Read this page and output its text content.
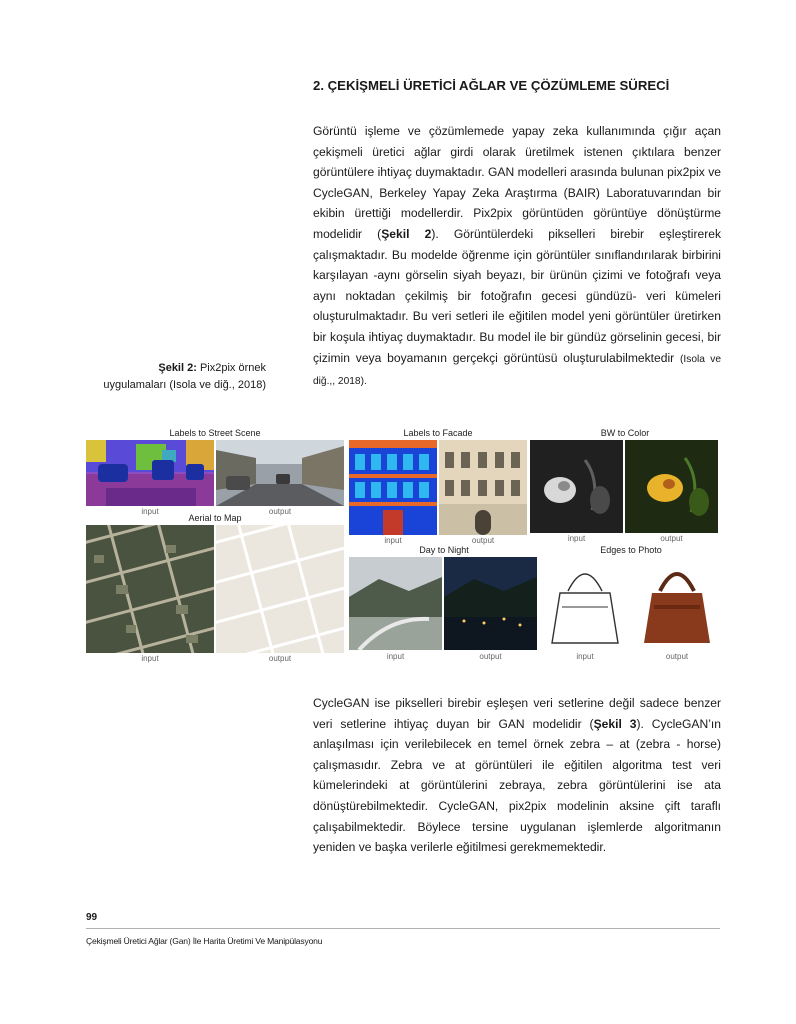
2. ÇEKİŞMELİ ÜRETİCİ AĞLAR VE ÇÖZÜMLEME SÜRECİ

Görüntü işleme ve çözümlemede yapay zeka kullanımında çığır açan çekişmeli üretici ağlar girdi olarak üretilmek istenen çıktılara benzer görüntülere ihtiyaç duymaktadır. GAN modelleri arasında bulunan pix2pix ve CycleGAN, Berkeley Yapay Zeka Araştırma (BAIR) Laboratuvarından bir ekibin ürettiği modellerdir. Pix2pix görüntüden görüntüye dönüştürme modelidir (Şekil 2). Görüntülerdeki pikselleri birebir eşleştirerek çalışmaktadır. Bu modelde öğrenme için görüntüler sınıflandırılarak birbirini karşılayan -aynı görselin siyah beyazı, bir ürünün çizimi ve fotoğrafı veya aynı noktadan çekilmiş bir fotoğrafın gecesi gündüzü- veri kümeleri oluşturulmaktadır. Bu veri setleri ile eğitilen model yeni görüntüler üretirken bir koşula ihtiyaç duymaktadır. Bu model ile bir gündüz görselinin gecesi, bir çizimin veya boyamanın gerçekçi görüntüsü oluşturulabilmektedir (Isola ve diğ.,, 2018).

Şekil 2: Pix2pix örnek uygulamaları (Isola ve diğ., 2018)

Labels to Street Scene
input	output
Aerial to Map
input	output
Labels to Facade
input	output
BW to Color
input	output
Day to Night
input	output
Edges to Photo
input	output

CycleGAN ise pikselleri birebir eşleşen veri setlerine değil sadece benzer veri setlerine ihtiyaç duyan bir GAN modelidir (Şekil 3). CycleGAN’ın anlaşılması için verilebilecek en temel örnek zebra – at (zebra - horse) çalışmasıdır. Zebra ve at görüntüleri ile eğitilen algoritma test veri kümelerindeki at görüntülerini zebraya, zebra görüntülerini ise ata dönüştürebilmektedir. CycleGAN, pix2pix modelinin aksine çift taraflı çalışabilmektedir. Böylece tersine uygulanan işlemlerde algoritmanın yeniden ve başka verilerle eğitilmesi gerekmemektedir.

99
Çekişmeli Üretici Ağlar (Gan) İle Harita Üretimi Ve Manipülasyonu
